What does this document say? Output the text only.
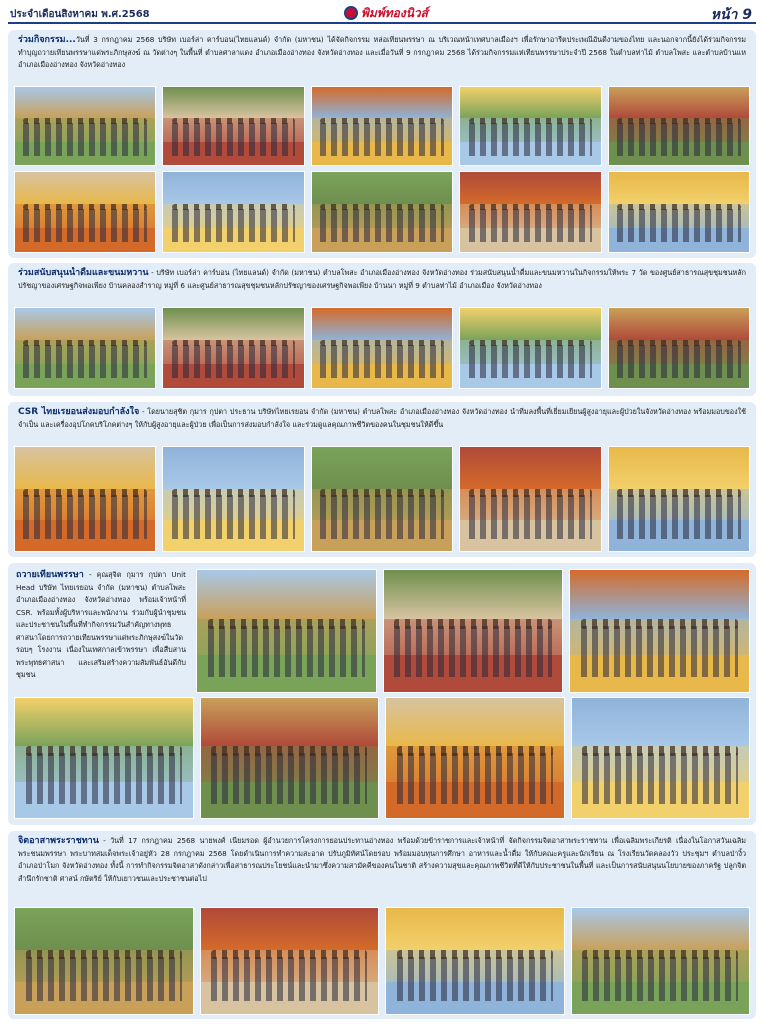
ประจำเดือนสิงหาคม พ.ศ.2568	พิมพ์ทองนิวส์	หน้า 9
ร่วมกิจกรรม...วันที่ 3 กรกฎาคม 2568 บริษัท เบอร์ล่า คาร์บอน(ไทยแลนด์) จำกัด (มหาชน) ได้จัดกิจกรรม หล่อเทียนพรรษา ณ บริเวณหน้าเทศบาลเมืองฯ เพื่อรักษาอารีตประเพณีอันดีงามของไทย และนอกจากนี้ยังได้ร่วมกิจกรรมทำบุญถวายเทียนพรรษาแด่พระภิกษุสงฆ์ ณ วัดต่างๆ ในพื้นที่ ตำบลศาลาแดง อำเภอเมืองอ่างทอง จังหวัดอ่างทอง และเมื่อวันที่ 9 กรกฎาคม 2568 ได้ร่วมกิจกรรมแห่เทียนพรรษาประจำปี 2568 ในตำบลท่าไม้ ตำบลโพสะ และตำบลบ้านแห อำเภอเมืองอ่างทอง จังหวัดอ่างทอง
ร่วมสนับสนุนน้ำดื่มและขนมหวาน - บริษัท เบอร์ล่า คาร์บอน (ไทยแลนด์) จำกัด (มหาชน) ตำบลโพสะ อำเภอเมืองอ่างทอง จังหวัดอ่างทอง ร่วมสนับสนุนน้ำดื่มและขนมหวานในกิจกรรมให้พระ 7 วัด ของศูนย์สาธารณสุขชุมชนหลักปรัชญาของเศรษฐกิจพอเพียง บ้านคลองสำราญ หมู่ที่ 6 และศูนย์สาธารณสุขชุมชนหลักปรัชญาของเศรษฐกิจพอเพียง บ้านนา หมู่ที่ 9 ตำบลท่าไม้ อำเภอเมือง จังหวัดอ่างทอง
CSR ไทยเรยอนส่งมอบกำลังใจ - โดยนายสุชิต กุมาร กุปตา ประธาน บริษัทไทยเรยอน จำกัด (มหาชน) ตำบลโพสะ อำเภอเมืองอ่างทอง จังหวัดอ่างทอง นำทีมลงพื้นที่เยี่ยมเยียนผู้สูงอายุและผู้ป่วยในจังหวัดอ่างทอง พร้อมมอบของใช้จำเป็น และเครื่องอุปโภคบริโภคต่างๆ ให้กับผู้สูงอายุและผู้ป่วย เพื่อเป็นการส่งมอบกำลังใจ และร่วมดูแลคุณภาพชีวิตของคนในชุมชนให้ดีขึ้น
ถวายเทียนพรรษา - คุณสุจิต กุมาร กุปตา Unit Head บริษัท ไทยเรยอน จำกัด (มหาชน) ตำบลโพสะ อำเภอเมืองอ่างทอง จังหวัดอ่างทอง พร้อมเจ้าหน้าที่ CSR. พร้อมทั้งผู้บริหารและพนักงาน ร่วมกับผู้นำชุมชนและประชาชนในพื้นที่ทำกิจกรรมวันสำคัญทางพุทธศาสนาโดยการถวายเทียนพรรษาแด่พระภิกษุสงฆ์ในวัดรอบๆ โรงงาน เนื่องในเทศกาลเข้าพรรษา เพื่อสืบสานพระพุทธศาสนา และเสริมสร้างความสัมพันธ์อันดีกับชุมชน
จิตอาสาพระราชทาน - วันที่ 17 กรกฎาคม 2568 นายพงศ์ เนียมรอด ผู้อำนวยการโครงการยอนประทานอ่างทอง พร้อมด้วยข้าราชการและเจ้าหน้าที่ จัดกิจกรรมจิตอาสาพระราชทาน เพื่อเฉลิมพระเกียรติ เนื่องในโอกาสวันเฉลิมพระชนมพรรษา พระบาทสมเด็จพระเจ้าอยู่หัว 28 กรกฎาคม 2568 โดยดำเนินการทำความสะอาด ปรับภูมิทัศน์โดยรอบ พร้อมมอบทุนการศึกษา อาหารและน้ำดื่ม ให้กับคณะครูและนักเรียน ณ โรงเรียนวัดคลองวัว ประชุมฯ ตำบลป่างิ้ว อำเภอป่าโมก จังหวัดอ่างทอง ทั้งนี้ การทำกิจกรรมจิตอาสาดังกล่าวเพื่อสาธารณประโยชน์และนำมาซึ่งความสามัคคีของคนในชาติ สร้างความสุขและคุณภาพชีวิตที่ดีให้กับประชาชนในพื้นที่ และเป็นการสนับสนุนนโยบายของภาครัฐ ปลูกจิตสำนึกรักชาติ ศาสน์ กษัตริย์ ให้กับเยาวชนและประชาชนต่อไป
